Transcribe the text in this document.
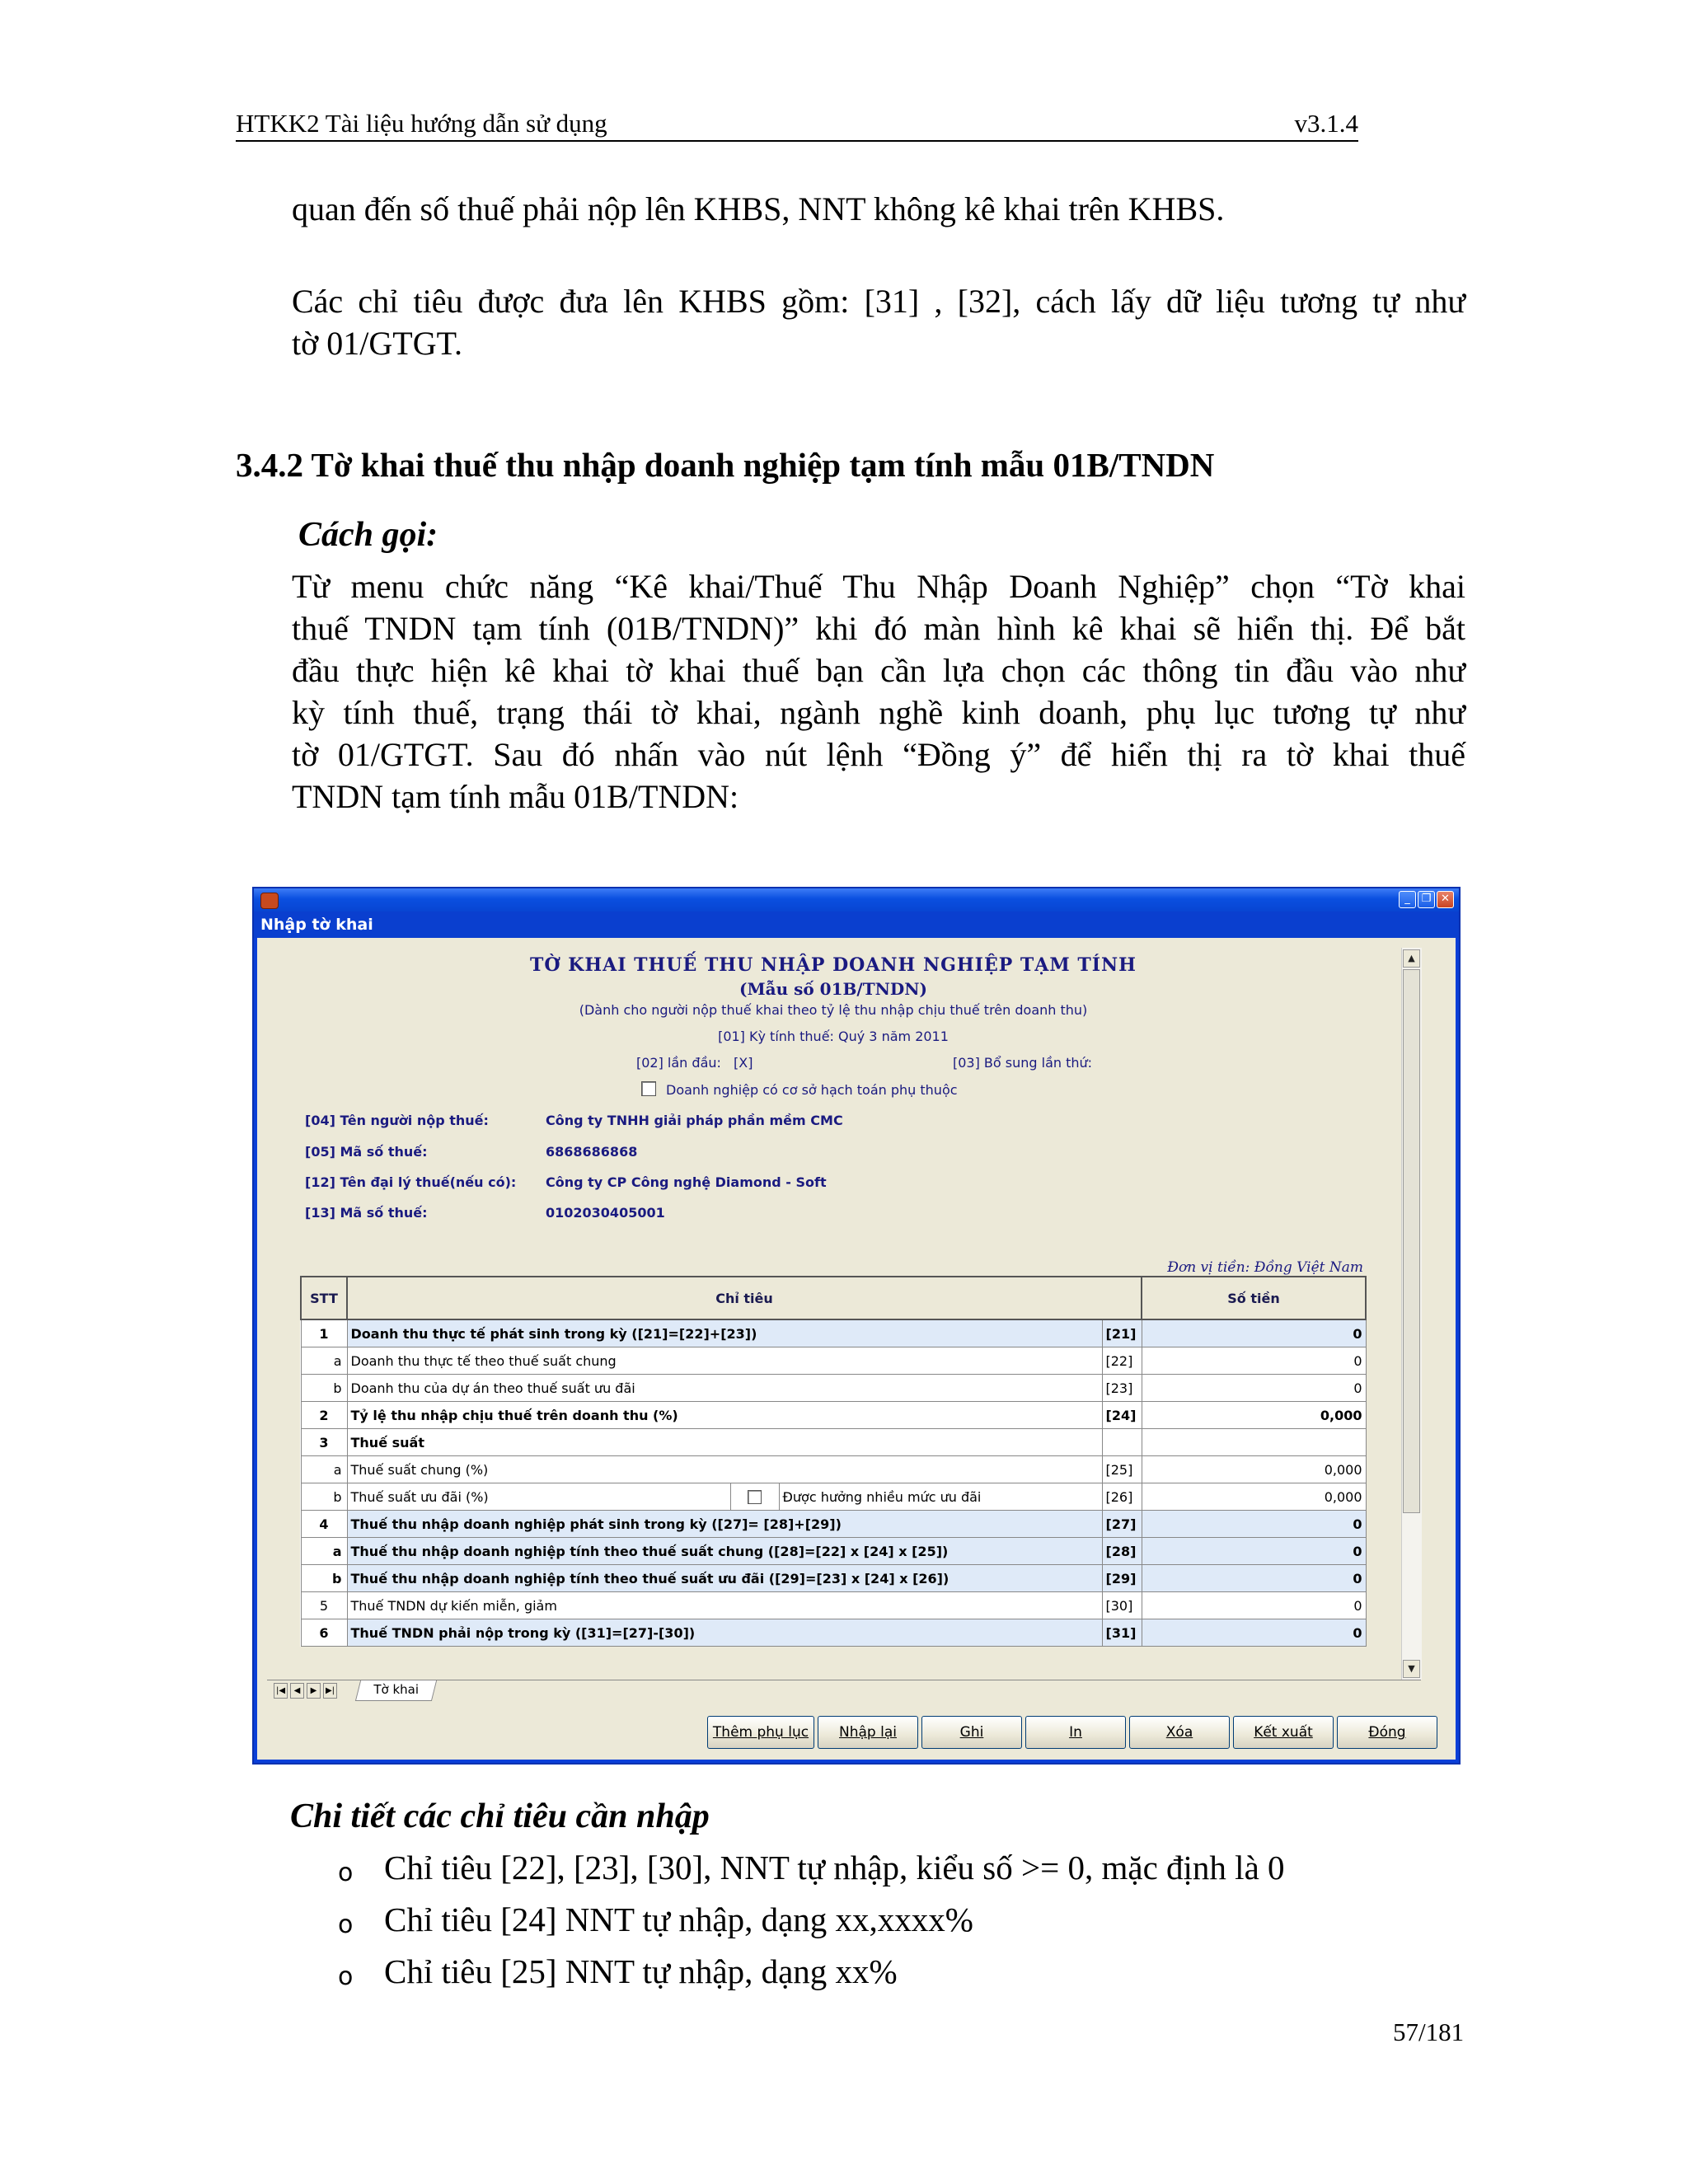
HTKK2 Tài liệu hướng dẫn sử dụng	v3.1.4
quan đến số thuế phải nộp lên KHBS, NNT không kê khai trên KHBS.
Các chỉ tiêu được đưa lên KHBS gồm: [31] , [32], cách lấy dữ liệu tương tự như
tờ 01/GTGT.
3.4.2 Tờ khai thuế thu nhập doanh nghiệp tạm tính mẫu 01B/TNDN
Cách gọi:
Từ menu chức năng “Kê khai/Thuế Thu Nhập Doanh Nghiệp” chọn “Tờ khai
thuế TNDN tạm tính (01B/TNDN)” khi đó màn hình kê khai sẽ hiển thị. Để bắt
đầu thực hiện kê khai tờ khai thuế bạn cần lựa chọn các thông tin đầu vào như
kỳ tính thuế, trạng thái tờ khai, ngành nghề kinh doanh, phụ lục tương tự như
tờ 01/GTGT. Sau đó nhấn vào nút lệnh “Đồng ý” để hiển thị ra tờ khai thuế
TNDN tạm tính mẫu 01B/TNDN:
_	❐ ✕
Nhập tờ khai
TỜ KHAI THUẾ THU NHẬP DOANH NGHIỆP TẠM TÍNH
(Mẫu số 01B/TNDN)
(Dành cho người nộp thuế khai theo tỷ lệ thu nhập chịu thuế trên doanh thu)
[01] Kỳ tính thuế: Quý 3 năm 2011
[02] lần đầu: [X]	[03] Bổ sung lần thứ:
Doanh nghiệp có cơ sở hạch toán phụ thuộc
[04] Tên người nộp thuế:	Công ty TNHH giải pháp phần mềm CMC
[05] Mã số thuế:	6868686868
[12] Tên đại lý thuế(nếu có): Công ty CP Công nghệ Diamond - Soft
[13] Mã số thuế:	0102030405001
Đơn vị tiền: Đồng Việt Nam
STT	Chỉ tiêu		Số tiền
1	Doanh thu thực tế phát sinh trong kỳ ([21]=[22]+[23])	[21]	0
a	Doanh thu thực tế theo thuế suất chung	[22]	0
b	Doanh thu của dự án theo thuế suất ưu đãi	[23]	0
2	Tỷ lệ thu nhập chịu thuế trên doanh thu (%)	[24]	0,000
3	Thuế suất		
a	Thuế suất chung (%)	[25]	0,000
b	Thuế suất ưu đãi (%) Được hưởng nhiều mức ưu đãi	[26]	0,000
4	Thuế thu nhập doanh nghiệp phát sinh trong kỳ ([27]= [28]+[29])	[27]	0
a	Thuế thu nhập doanh nghiệp tính theo thuế suất chung ([28]=[22] x [24] x [25])	[28]	0
b	Thuế thu nhập doanh nghiệp tính theo thuế suất ưu đãi ([29]=[23] x [24] x [26])	[29]	0
5	Thuế TNDN dự kiến miễn, giảm	[30]	0
6	Thuế TNDN phải nộp trong kỳ ([31]=[27]-[30])	[31]	0
▲
▼
|◀	◀	▶	▶|	Tờ khai
Thêm phụ lục	Nhập lại	Ghi	In	Xóa	Kết xuất	Đóng
Chi tiết các chỉ tiêu cần nhập
o Chỉ tiêu [22], [23], [30], NNT tự nhập, kiểu số >= 0, mặc định là 0
o Chỉ tiêu [24] NNT tự nhập, dạng xx,xxxx%
o Chỉ tiêu [25] NNT tự nhập, dạng xx%
57/181
